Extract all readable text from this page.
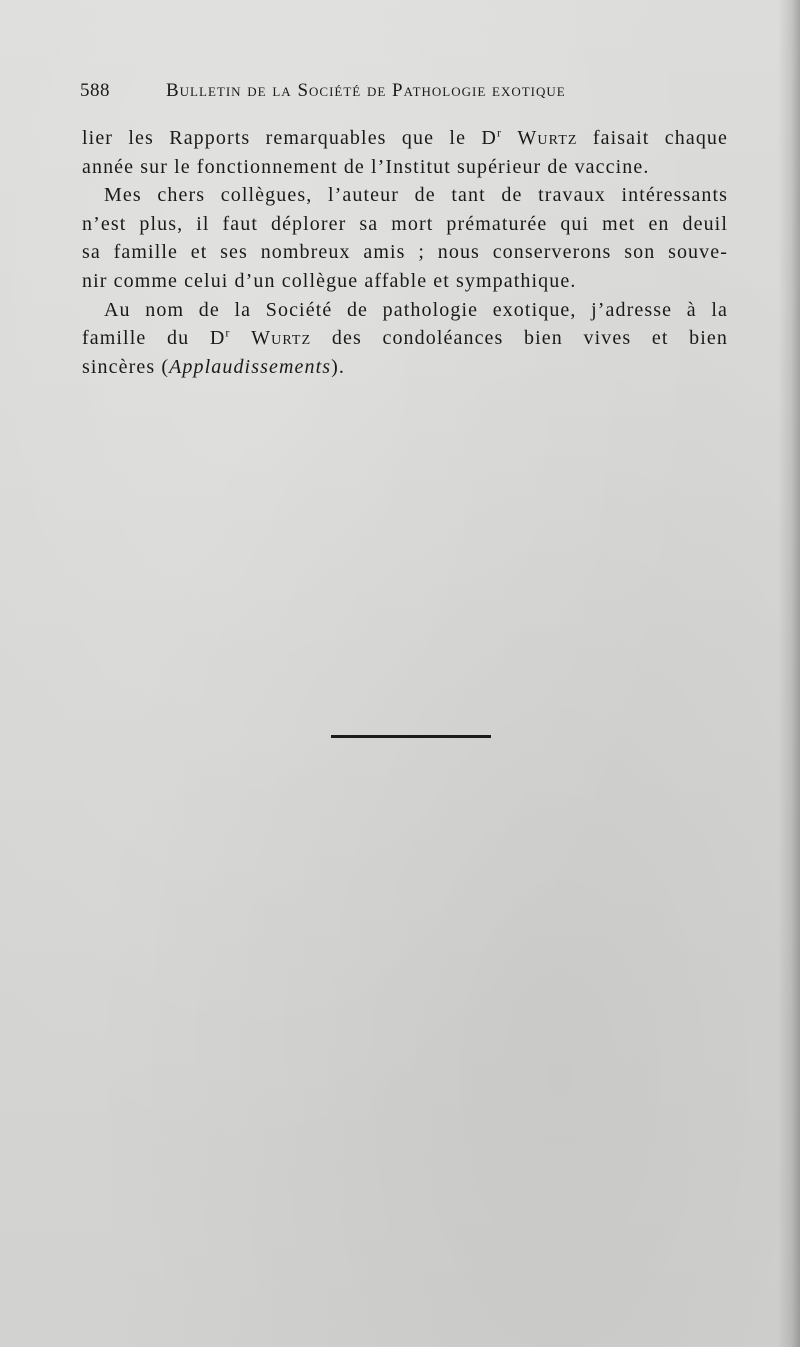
588	Bulletin de la Société de Pathologie exotique

lier les Rapports remarquables que le $D^r$ Wurtz faisait chaque
année sur le fonctionnement de l’Institut supérieur de vaccine.

Mes chers collègues, l’auteur de tant de travaux intéressants
n’est plus, il faut déplorer sa mort prématurée qui met en deuil
sa famille et ses nombreux amis ; nous conserverons son souve-
nir comme celui d’un collègue affable et sympathique.

Au nom de la Société de pathologie exotique, j’adresse à la
famille du $D^r$ Wurtz des condoléances bien vives et bien
sincères (Applaudissements).
